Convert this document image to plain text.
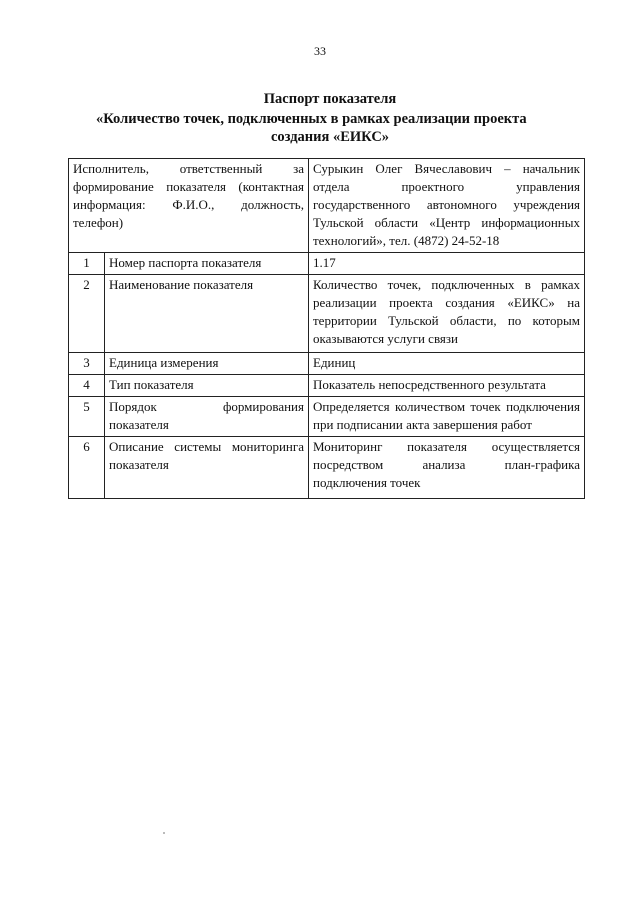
33
Паспорт показателя
«Количество точек, подключенных в рамках реализации проекта
создания «ЕИКС»
Исполнитель, ответственный за формирование показателя (контактная информация: Ф.И.О., должность, телефон)		Сурыкин Олег Вячеславович – начальник отдела проектного управления государственного автономного учреждения Тульской области «Центр информационных технологий», тел. (4872) 24-52-18
1	Номер паспорта показателя	1.17
2	Наименование показателя	Количество точек, подключенных в рамках реализации проекта создания «ЕИКС» на территории Тульской области, по которым оказываются услуги связи
3	Единица измерения	Единиц
4	Тип показателя	Показатель непосредственного результата
5	Порядок формирования показателя	Определяется количеством точек подключения при подписании акта завершения работ
6	Описание системы мониторинга показателя	Мониторинг показателя осуществляется посредством анализа план-графика подключения точек
